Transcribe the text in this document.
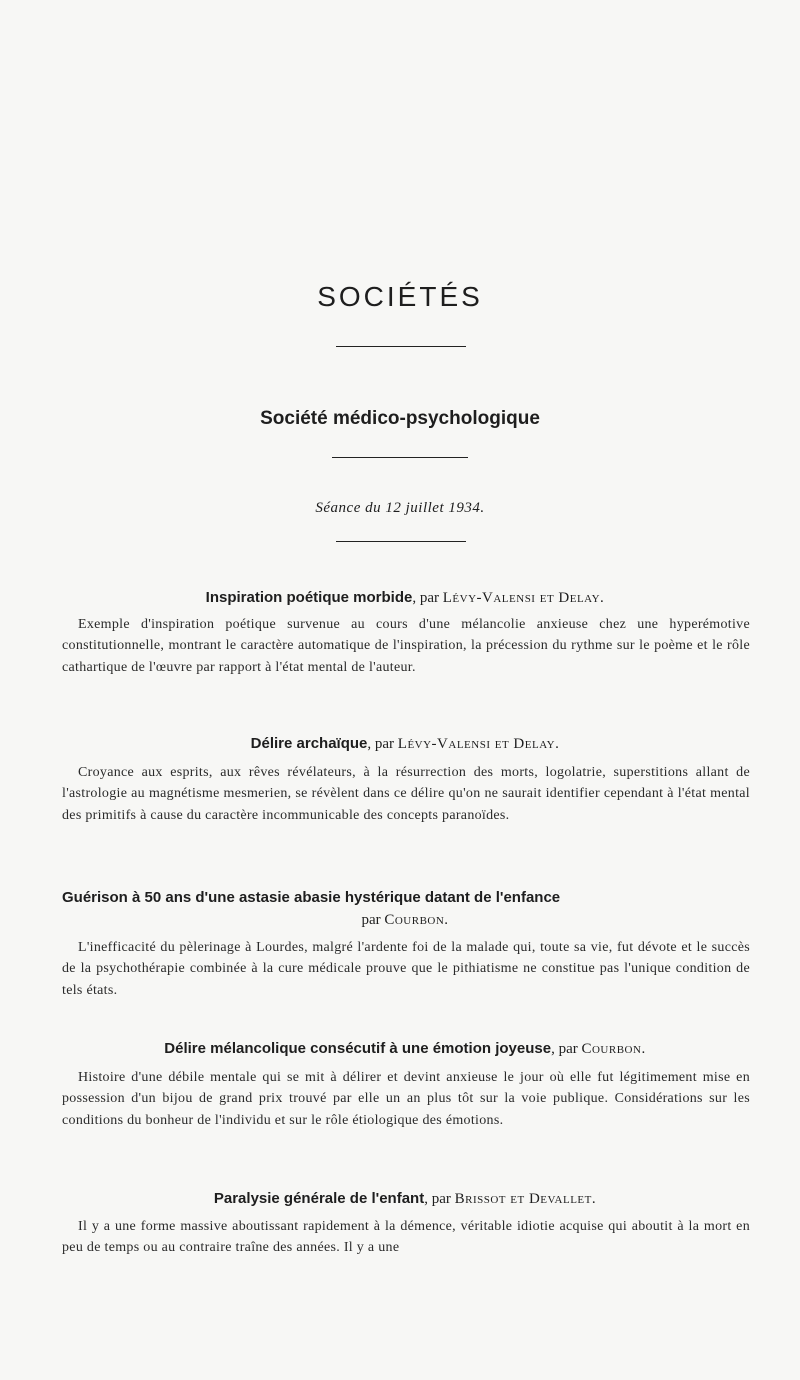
SOCIÉTÉS
Société médico-psychologique
Séance du 12 juillet 1934.
Inspiration poétique morbide, par Lévy-Valensi et Delay.
Exemple d'inspiration poétique survenue au cours d'une mélancolie anxieuse chez une hyperémotive constitutionnelle, montrant le caractère automatique de l'inspiration, la précession du rythme sur le poème et le rôle cathartique de l'œuvre par rapport à l'état mental de l'auteur.
Délire archaïque, par Lévy-Valensi et Delay.
Croyance aux esprits, aux rêves révélateurs, à la résurrection des morts, logolatrie, superstitions allant de l'astrologie au magnétisme mesmerien, se révèlent dans ce délire qu'on ne saurait identifier cependant à l'état mental des primitifs à cause du caractère incommunicable des concepts paranoïdes.
Guérison à 50 ans d'une astasie abasie hystérique datant de l'enfance
par Courbon.
L'inefficacité du pèlerinage à Lourdes, malgré l'ardente foi de la malade qui, toute sa vie, fut dévote et le succès de la psychothérapie combinée à la cure médicale prouve que le pithiatisme ne constitue pas l'unique condition de tels états.
Délire mélancolique consécutif à une émotion joyeuse, par Courbon.
Histoire d'une débile mentale qui se mit à délirer et devint anxieuse le jour où elle fut légitimement mise en possession d'un bijou de grand prix trouvé par elle un an plus tôt sur la voie publique. Considérations sur les conditions du bonheur de l'individu et sur le rôle étiologique des émotions.
Paralysie générale de l'enfant, par Brissot et Devallet.
Il y a une forme massive aboutissant rapidement à la démence, véritable idiotie acquise qui aboutit à la mort en peu de temps ou au contraire traîne des années. Il y a une
